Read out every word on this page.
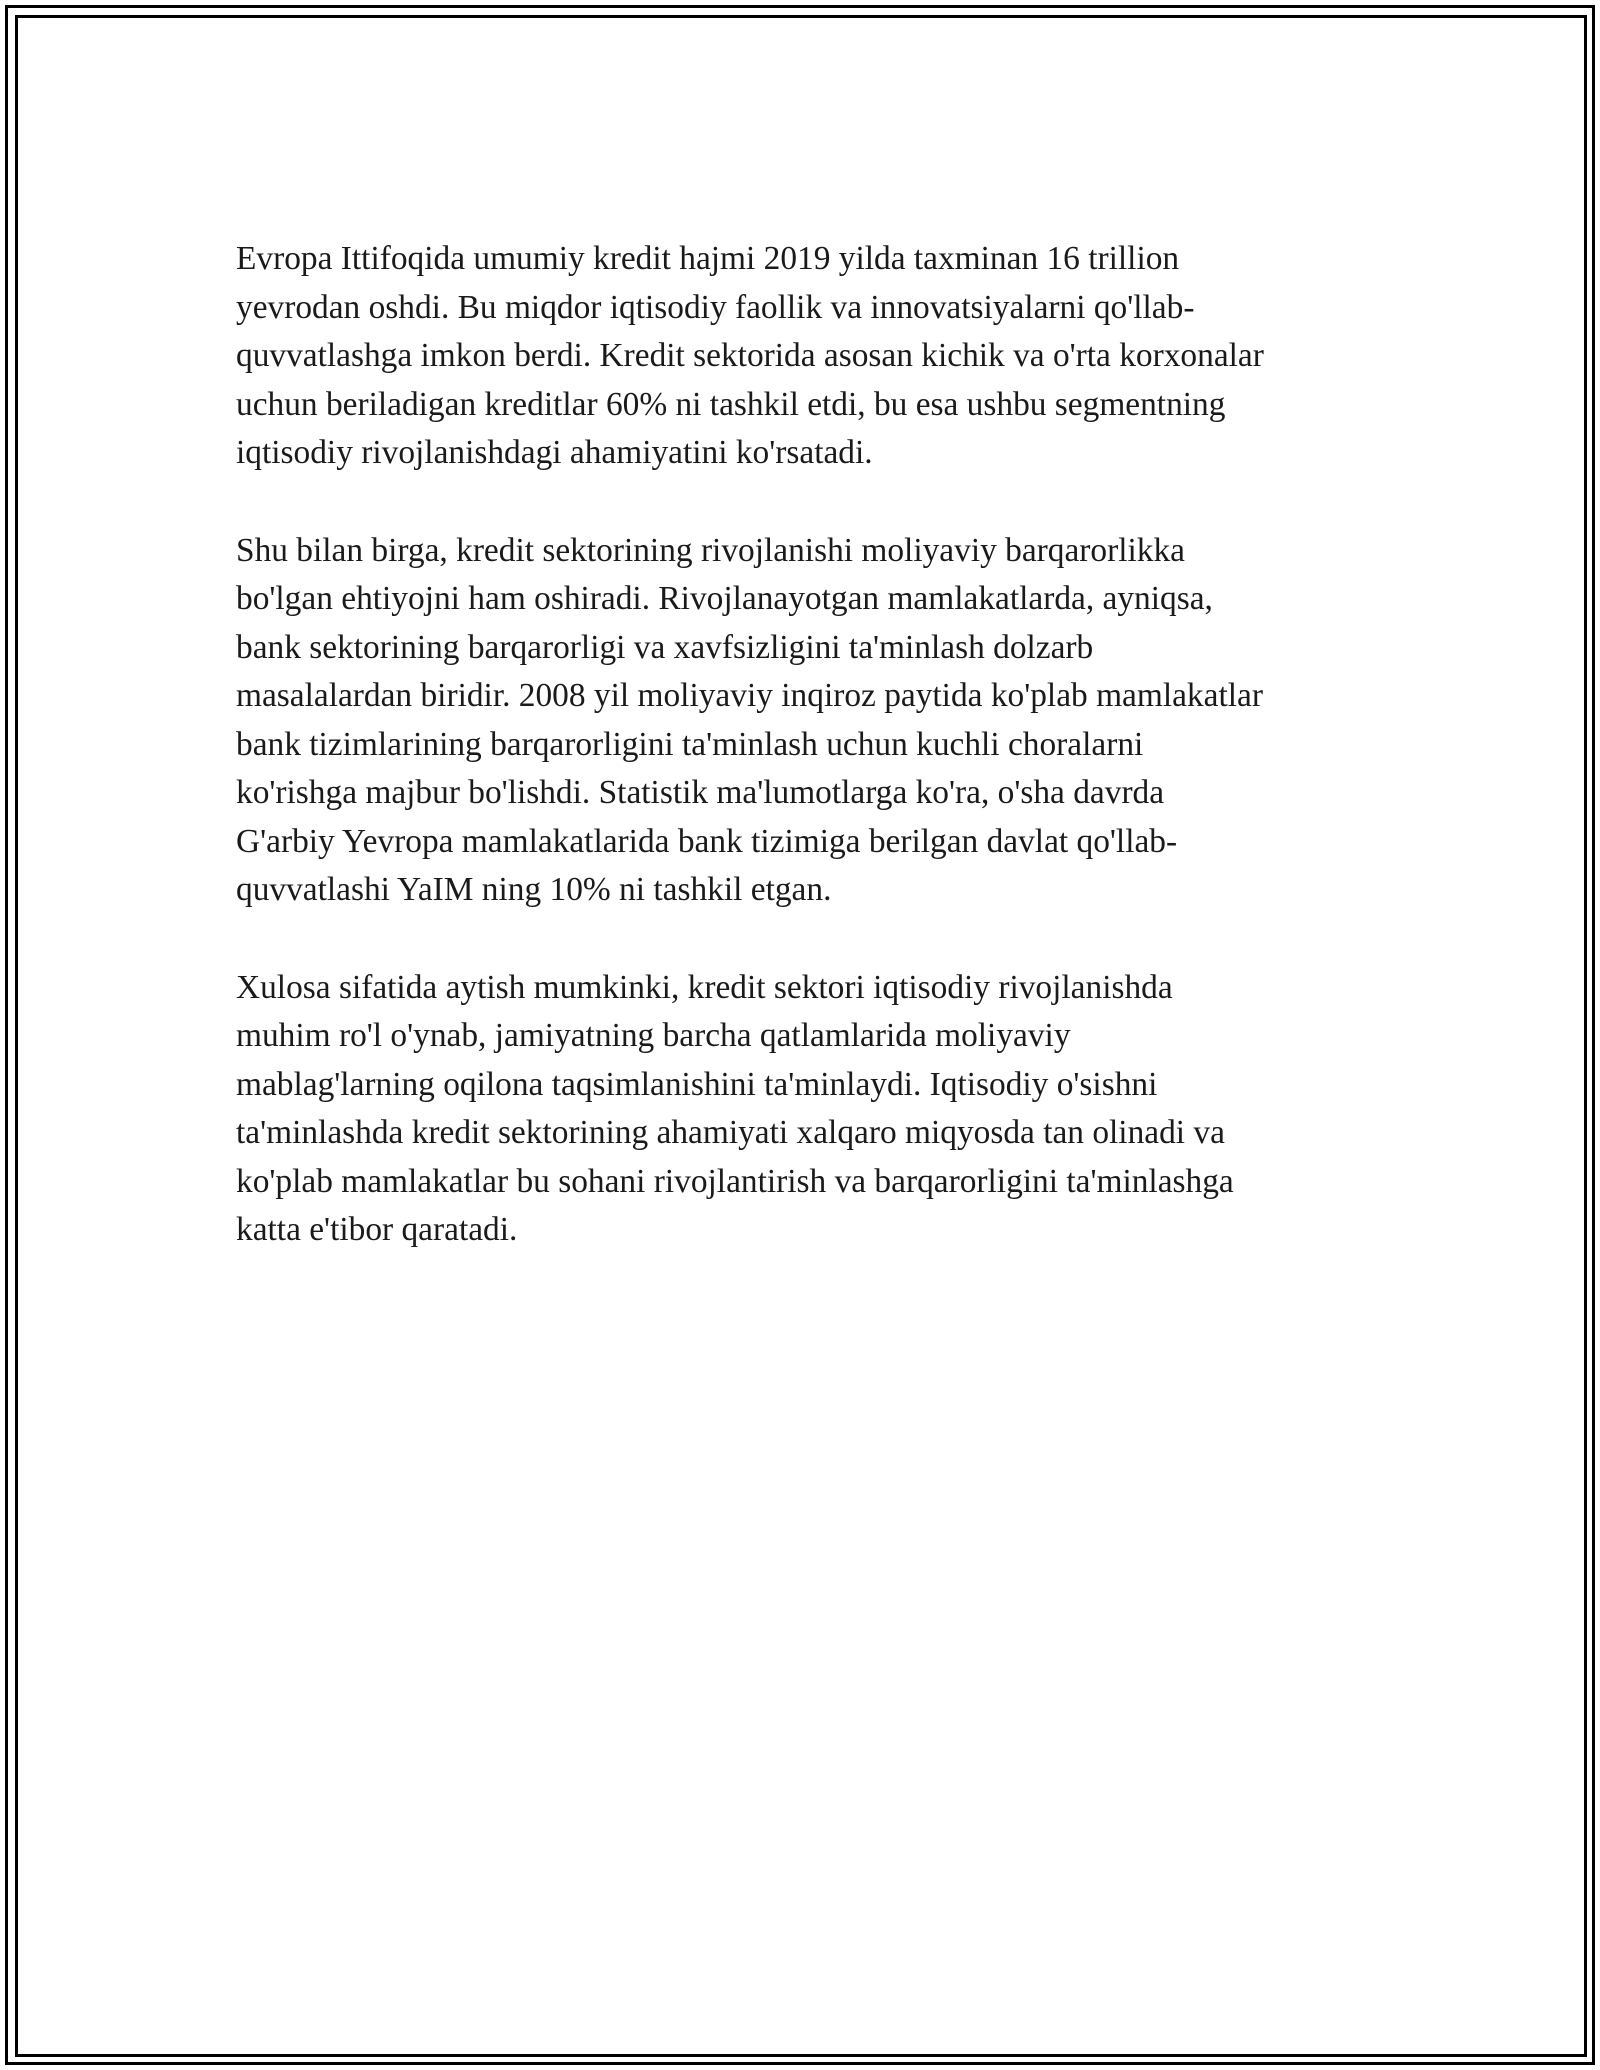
Evropa Ittifoqida umumiy kredit hajmi 2019 yilda taxminan 16 trillion
yevrodan oshdi. Bu miqdor iqtisodiy faollik va innovatsiyalarni qo'llab-
quvvatlashga imkon berdi. Kredit sektorida asosan kichik va o'rta korxonalar
uchun beriladigan kreditlar 60% ni tashkil etdi, bu esa ushbu segmentning
iqtisodiy rivojlanishdagi ahamiyatini ko'rsatadi.

Shu bilan birga, kredit sektorining rivojlanishi moliyaviy barqarorlikka
bo'lgan ehtiyojni ham oshiradi. Rivojlanayotgan mamlakatlarda, ayniqsa,
bank sektorining barqarorligi va xavfsizligini ta'minlash dolzarb
masalalardan biridir. 2008 yil moliyaviy inqiroz paytida ko'plab mamlakatlar
bank tizimlarining barqarorligini ta'minlash uchun kuchli choralarni
ko'rishga majbur bo'lishdi. Statistik ma'lumotlarga ko'ra, o'sha davrda
G'arbiy Yevropa mamlakatlarida bank tizimiga berilgan davlat qo'llab-
quvvatlashi YaIM ning 10% ni tashkil etgan.

Xulosa sifatida aytish mumkinki, kredit sektori iqtisodiy rivojlanishda
muhim ro'l o'ynab, jamiyatning barcha qatlamlarida moliyaviy
mablag'larning oqilona taqsimlanishini ta'minlaydi. Iqtisodiy o'sishni
ta'minlashda kredit sektorining ahamiyati xalqaro miqyosda tan olinadi va
ko'plab mamlakatlar bu sohani rivojlantirish va barqarorligini ta'minlashga
katta e'tibor qaratadi.
